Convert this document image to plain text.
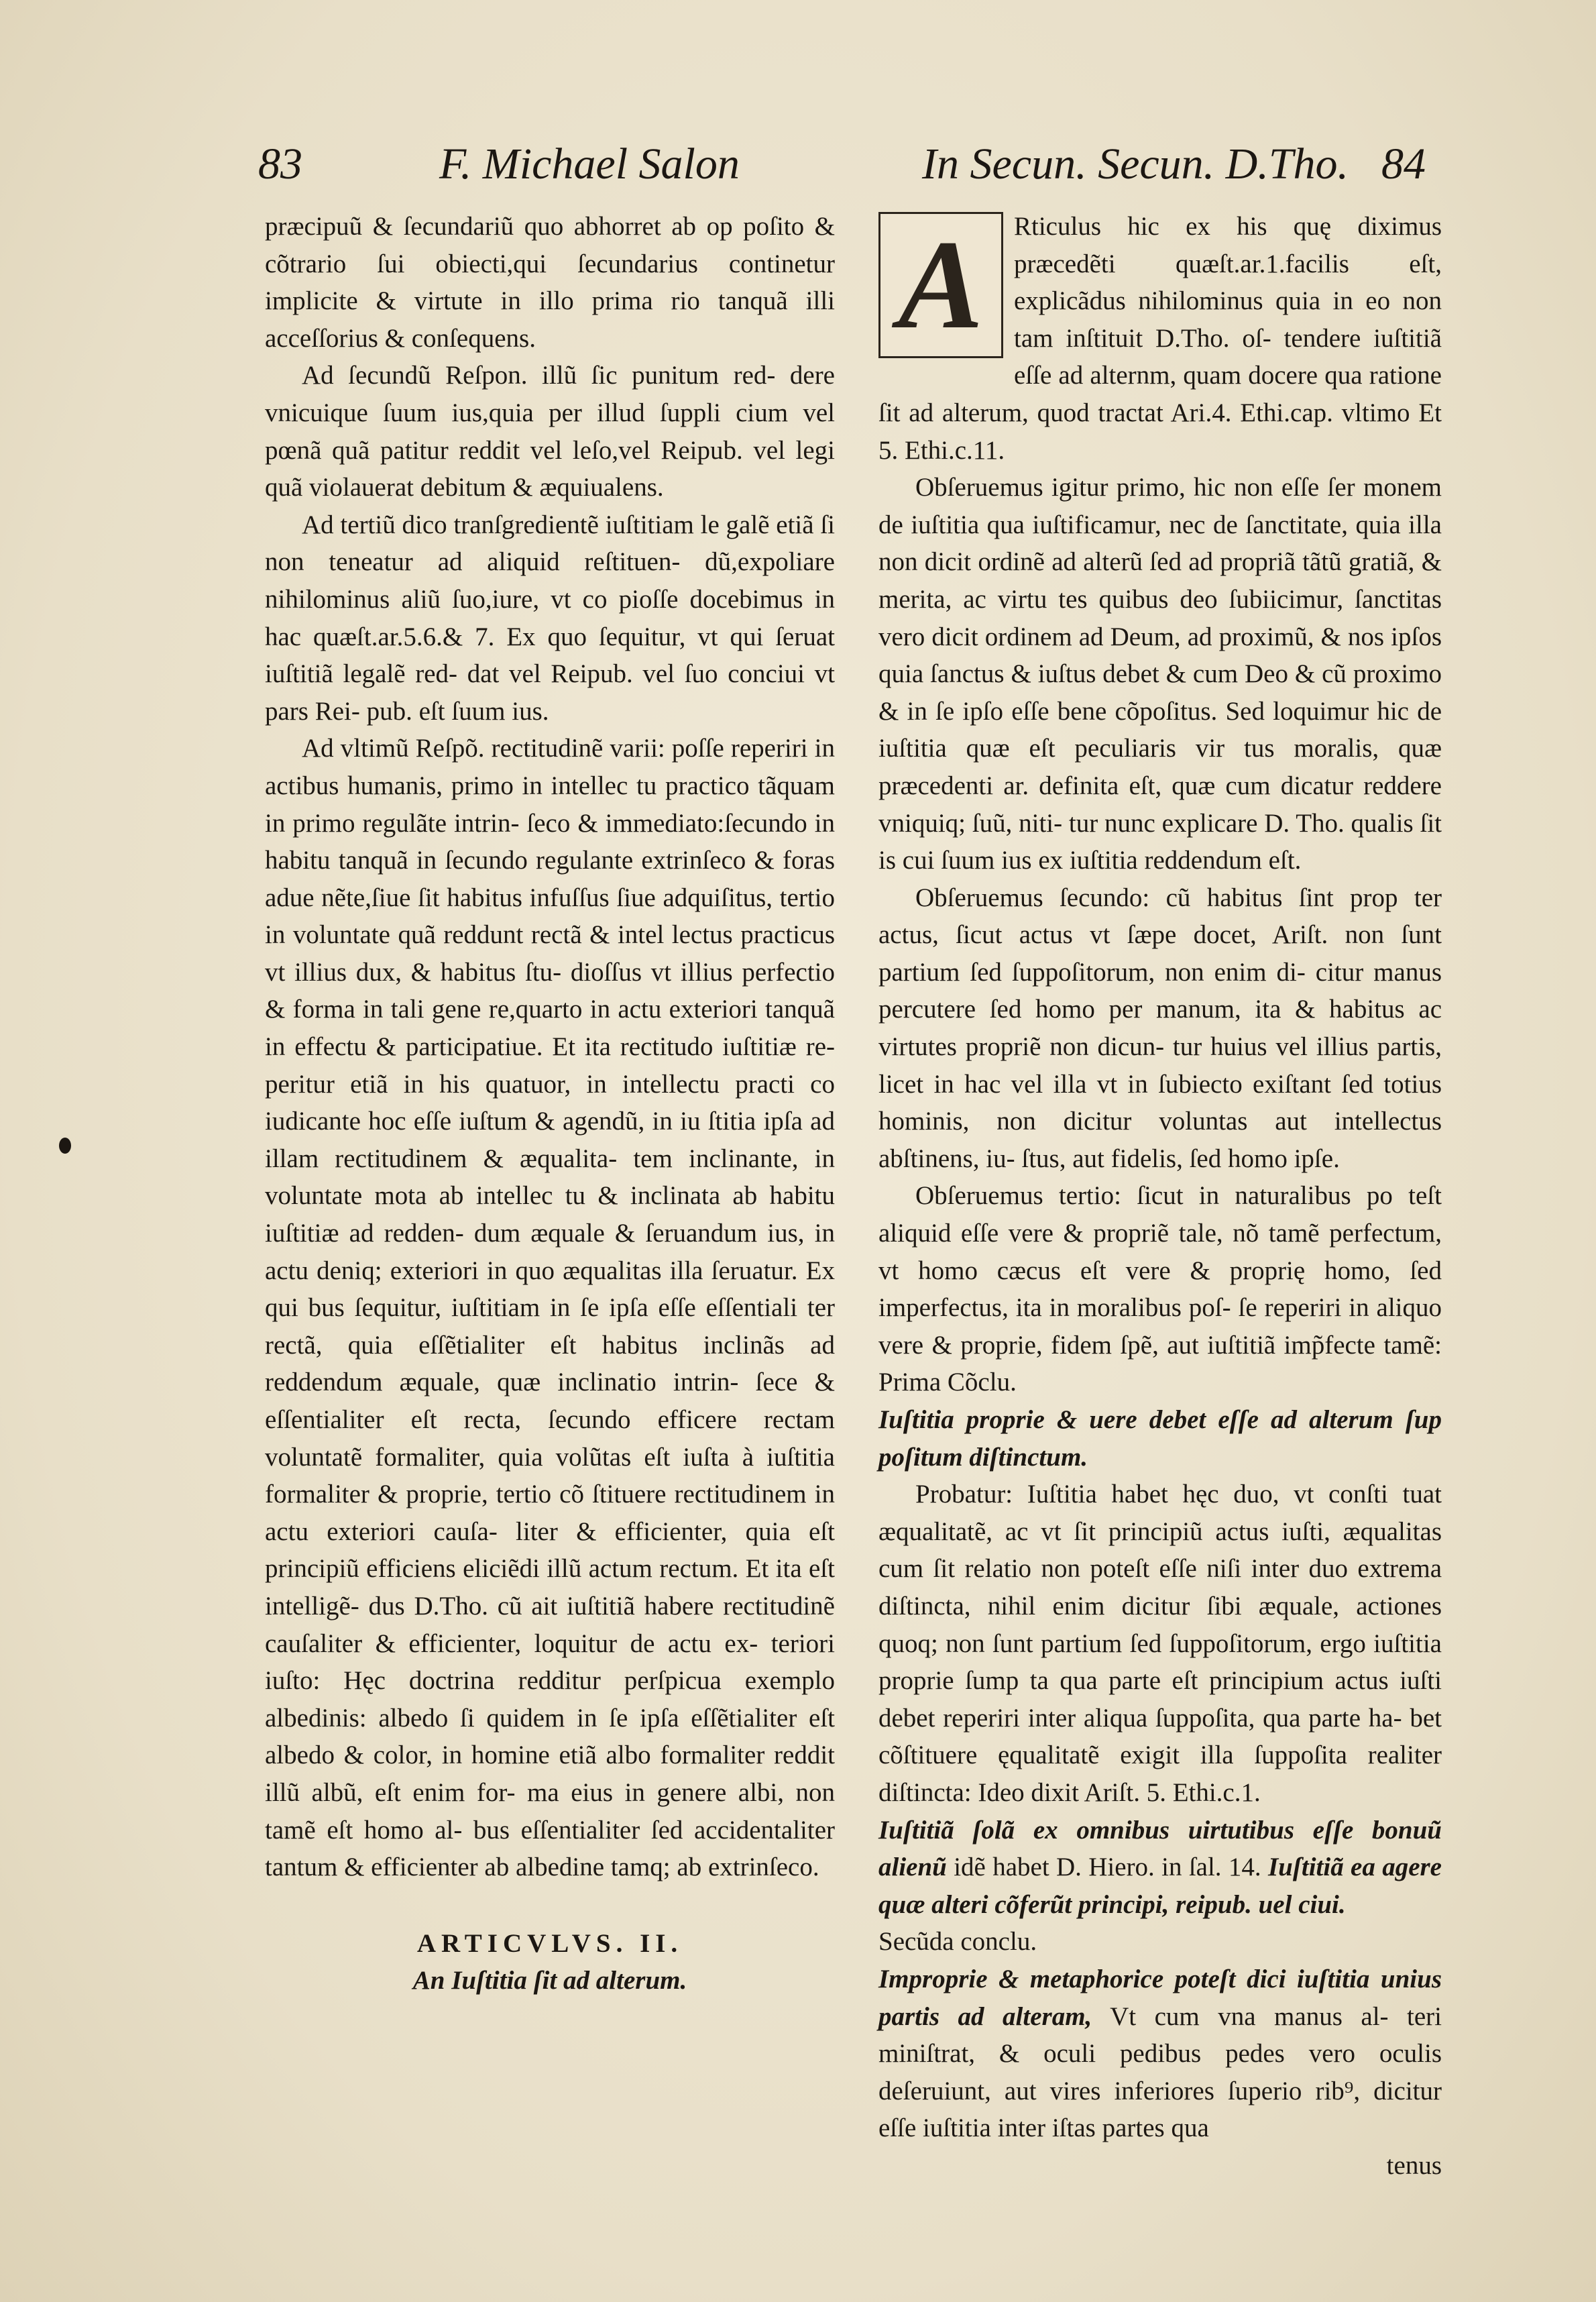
83	F. Michael Salon	In Secun. Secun. D.Tho. 84

præcipuũ & ſecundariũ quo abhorret ab op poſito & cõtrario ſui obiecti,qui ſecundarius continetur implicite & virtute in illo prima rio tanquã illi acceſſorius & conſequens.

Ad ſecundũ Reſpon. illũ ſic punitum red- dere vnicuique ſuum ius,quia per illud ſuppli cium vel pœnã quã patitur reddit vel leſo,vel Reipub. vel legi quã violauerat debitum & æquiualens.

Ad tertiũ dico tranſgredientẽ iuſtitiam le galẽ etiã ſi non teneatur ad aliquid reſtituen- dũ,expoliare nihilominus aliũ ſuo,iure, vt co pioſſe docebimus in hac quæſt.ar.5.6.& 7. Ex quo ſequitur, vt qui ſeruat iuſtitiã legalẽ red- dat vel Reipub. vel ſuo conciui vt pars Rei- pub. eſt ſuum ius.

Ad vltimũ Reſpõ. rectitudinẽ varii: poſſe reperiri in actibus humanis, primo in intellec tu practico tãquam in primo regulãte intrin- ſeco & immediato:ſecundo in habitu tanquã in ſecundo regulante extrinſeco & foras adue nẽte,ſiue ſit habitus infuſſus ſiue adquiſitus, tertio in voluntate quã reddunt rectã & intel lectus practicus vt illius dux, & habitus ſtu- dioſſus vt illius perfectio & forma in tali gene re,quarto in actu exteriori tanquã in effectu & participatiue. Et ita rectitudo iuſtitiæ re- peritur etiã in his quatuor, in intellectu practi co iudicante hoc eſſe iuſtum & agendũ, in iu ſtitia ipſa ad illam rectitudinem & æqualita- tem inclinante, in voluntate mota ab intellec tu & inclinata ab habitu iuſtitiæ ad redden- dum æquale & ſeruandum ius, in actu deniq; exteriori in quo æqualitas illa ſeruatur. Ex qui bus ſequitur, iuſtitiam in ſe ipſa eſſe eſſentiali ter rectã, quia eſſẽtialiter eſt habitus inclinãs ad reddendum æquale, quæ inclinatio intrin- ſece & eſſentialiter eſt recta, ſecundo efficere rectam voluntatẽ formaliter, quia volũtas eſt iuſta à iuſtitia formaliter & proprie, tertio cõ ſtituere rectitudinem in actu exteriori cauſa- liter & efficienter, quia eſt principiũ efficiens eliciẽdi illũ actum rectum. Et ita eſt intelligẽ- dus D.Tho. cũ ait iuſtitiã habere rectitudinẽ cauſaliter & efficienter, loquitur de actu ex- teriori iuſto: Hęc doctrina redditur perſpicua exemplo albedinis: albedo ſi quidem in ſe ipſa eſſẽtialiter eſt albedo & color, in homine etiã albo formaliter reddit illũ albũ, eſt enim for- ma eius in genere albi, non tamẽ eſt homo al- bus eſſentialiter ſed accidentaliter tantum & efficienter ab albedine tamq; ab extrinſeco.

ARTICVLVS. II.

An Iuſtitia ſit ad alterum.

A	Rticulus hic ex his quę diximus præcedẽti quæſt.ar.1.facilis eſt, explicãdus nihilominus quia in eo non tam inſtituit D.Tho. oſ- tendere iuſtitiã eſſe ad alternm, quam docere qua ratione ſit ad alterum, quod tractat Ari.4. Ethi.cap. vltimo Et 5. Ethi.c.11.

Obſeruemus igitur primo, hic non eſſe ſer monem de iuſtitia qua iuſtificamur, nec de ſanctitate, quia illa non dicit ordinẽ ad alterũ ſed ad propriã tãtũ gratiã, & merita, ac virtu tes quibus deo ſubiicimur, ſanctitas vero dicit ordinem ad Deum, ad proximũ, & nos ipſos quia ſanctus & iuſtus debet & cum Deo & cũ proximo & in ſe ipſo eſſe bene cõpoſitus. Sed loquimur hic de iuſtitia quæ eſt peculiaris vir tus moralis, quæ præcedenti ar. definita eſt, quæ cum dicatur reddere vniquiq; ſuũ, niti- tur nunc explicare D. Tho. qualis ſit is cui ſuum ius ex iuſtitia reddendum eſt.

Obſeruemus ſecundo: cũ habitus ſint prop ter actus, ſicut actus vt ſæpe docet, Ariſt. non ſunt partium ſed ſuppoſitorum, non enim di- citur manus percutere ſed homo per manum, ita & habitus ac virtutes propriẽ non dicun- tur huius vel illius partis, licet in hac vel illa vt in ſubiecto exiſtant ſed totius hominis, non dicitur voluntas aut intellectus abſtinens, iu- ſtus, aut fidelis, ſed homo ipſe.

Obſeruemus tertio: ſicut in naturalibus po teſt aliquid eſſe vere & propriẽ tale, nõ tamẽ perfectum, vt homo cæcus eſt vere & proprię homo, ſed imperfectus, ita in moralibus poſ- ſe reperiri in aliquo vere & proprie, fidem ſpẽ, aut iuſtitiã imp̃fecte tamẽ: Prima Cõclu.

Iuſtitia proprie & uere debet eſſe ad alterum ſup poſitum diſtinctum.

Probatur: Iuſtitia habet hęc duo, vt conſti tuat æqualitatẽ, ac vt ſit principiũ actus iuſti, æqualitas cum ſit relatio non poteſt eſſe niſi inter duo extrema diſtincta, nihil enim dicitur ſibi æquale, actiones quoq; non ſunt partium ſed ſuppoſitorum, ergo iuſtitia proprie ſump ta qua parte eſt principium actus iuſti debet reperiri inter aliqua ſuppoſita, qua parte ha- bet cõſtituere ęqualitatẽ exigit illa ſuppoſita realiter diſtincta: Ideo dixit Ariſt. 5. Ethi.c.1.

Iuſtitiã ſolã ex omnibus uirtutibus eſſe bonuũ alienũ idẽ habet D. Hiero. in ſal. 14. Iuſtitiã ea agere quæ alteri cõferũt principi, reipub. uel ciui.

Secũda conclu.

Improprie & metaphorice poteſt dici iuſtitia unius partis ad alteram, Vt cum vna manus al- teri miniſtrat, & oculi pedibus pedes vero oculis deſeruiunt, aut vires inferiores ſuperio rib⁹, dicitur eſſe iuſtitia inter iſtas partes qua

tenus
